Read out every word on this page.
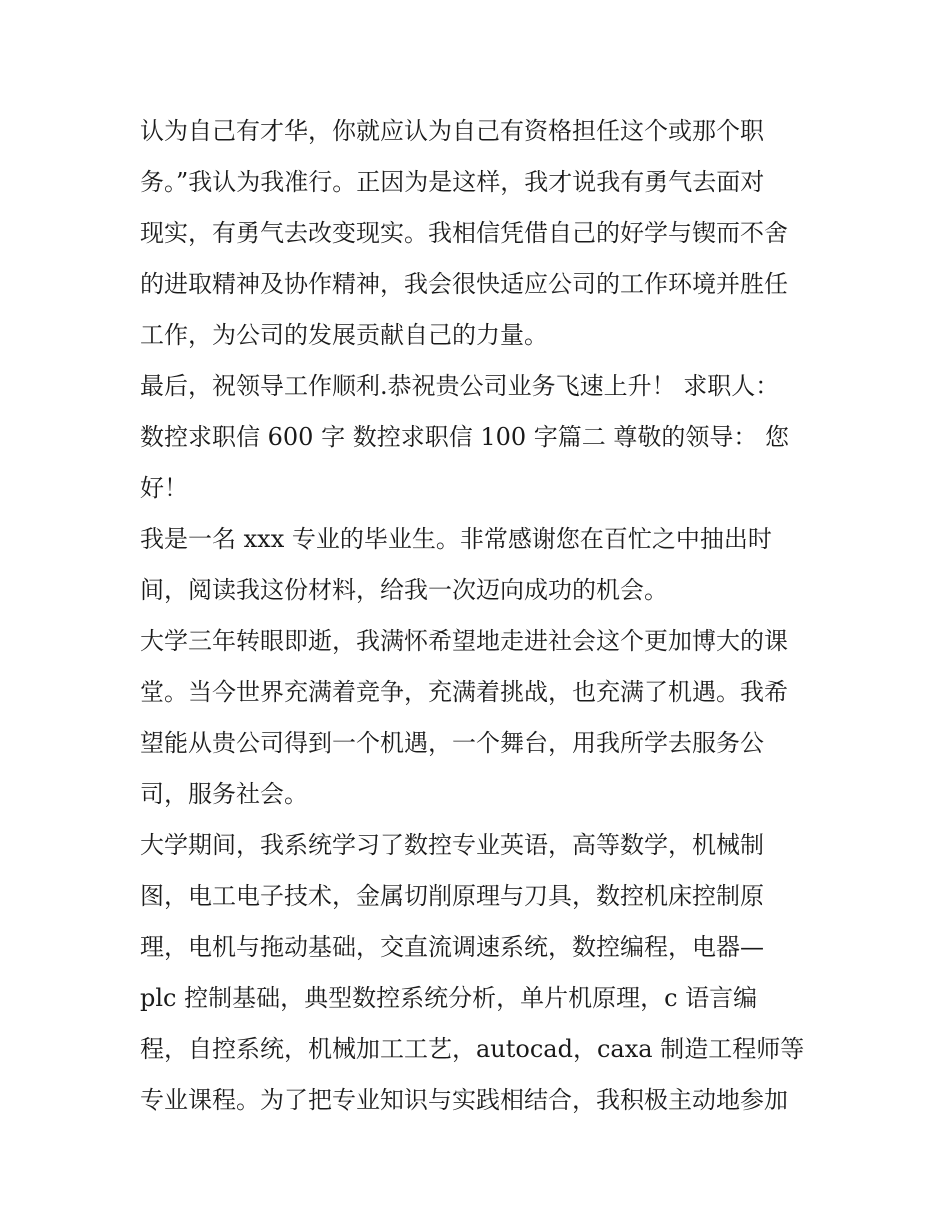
认为自己有才华，你就应认为自己有资格担任这个或那个职
务。”我认为我准行。正因为是这样，我才说我有勇气去面对
现实，有勇气去改变现实。我相信凭借自己的好学与锲而不舍
的进取精神及协作精神，我会很快适应公司的工作环境并胜任
工作，为公司的发展贡献自己的力量。
最后，祝领导工作顺利.恭祝贵公司业务飞速上升！ 求职人：
数控求职信 600 字 数控求职信 100 字篇二 尊敬的领导： 您
好！
我是一名 xxx 专业的毕业生。非常感谢您在百忙之中抽出时
间，阅读我这份材料，给我一次迈向成功的机会。
大学三年转眼即逝，我满怀希望地走进社会这个更加博大的课
堂。当今世界充满着竞争，充满着挑战，也充满了机遇。我希
望能从贵公司得到一个机遇，一个舞台，用我所学去服务公
司，服务社会。
大学期间，我系统学习了数控专业英语，高等数学，机械制
图，电工电子技术，金属切削原理与刀具，数控机床控制原
理，电机与拖动基础，交直流调速系统，数控编程，电器—
plc 控制基础，典型数控系统分析，单片机原理，c 语言编
程，自控系统，机械加工工艺，autocad，caxa 制造工程师等
专业课程。为了把专业知识与实践相结合，我积极主动地参加
